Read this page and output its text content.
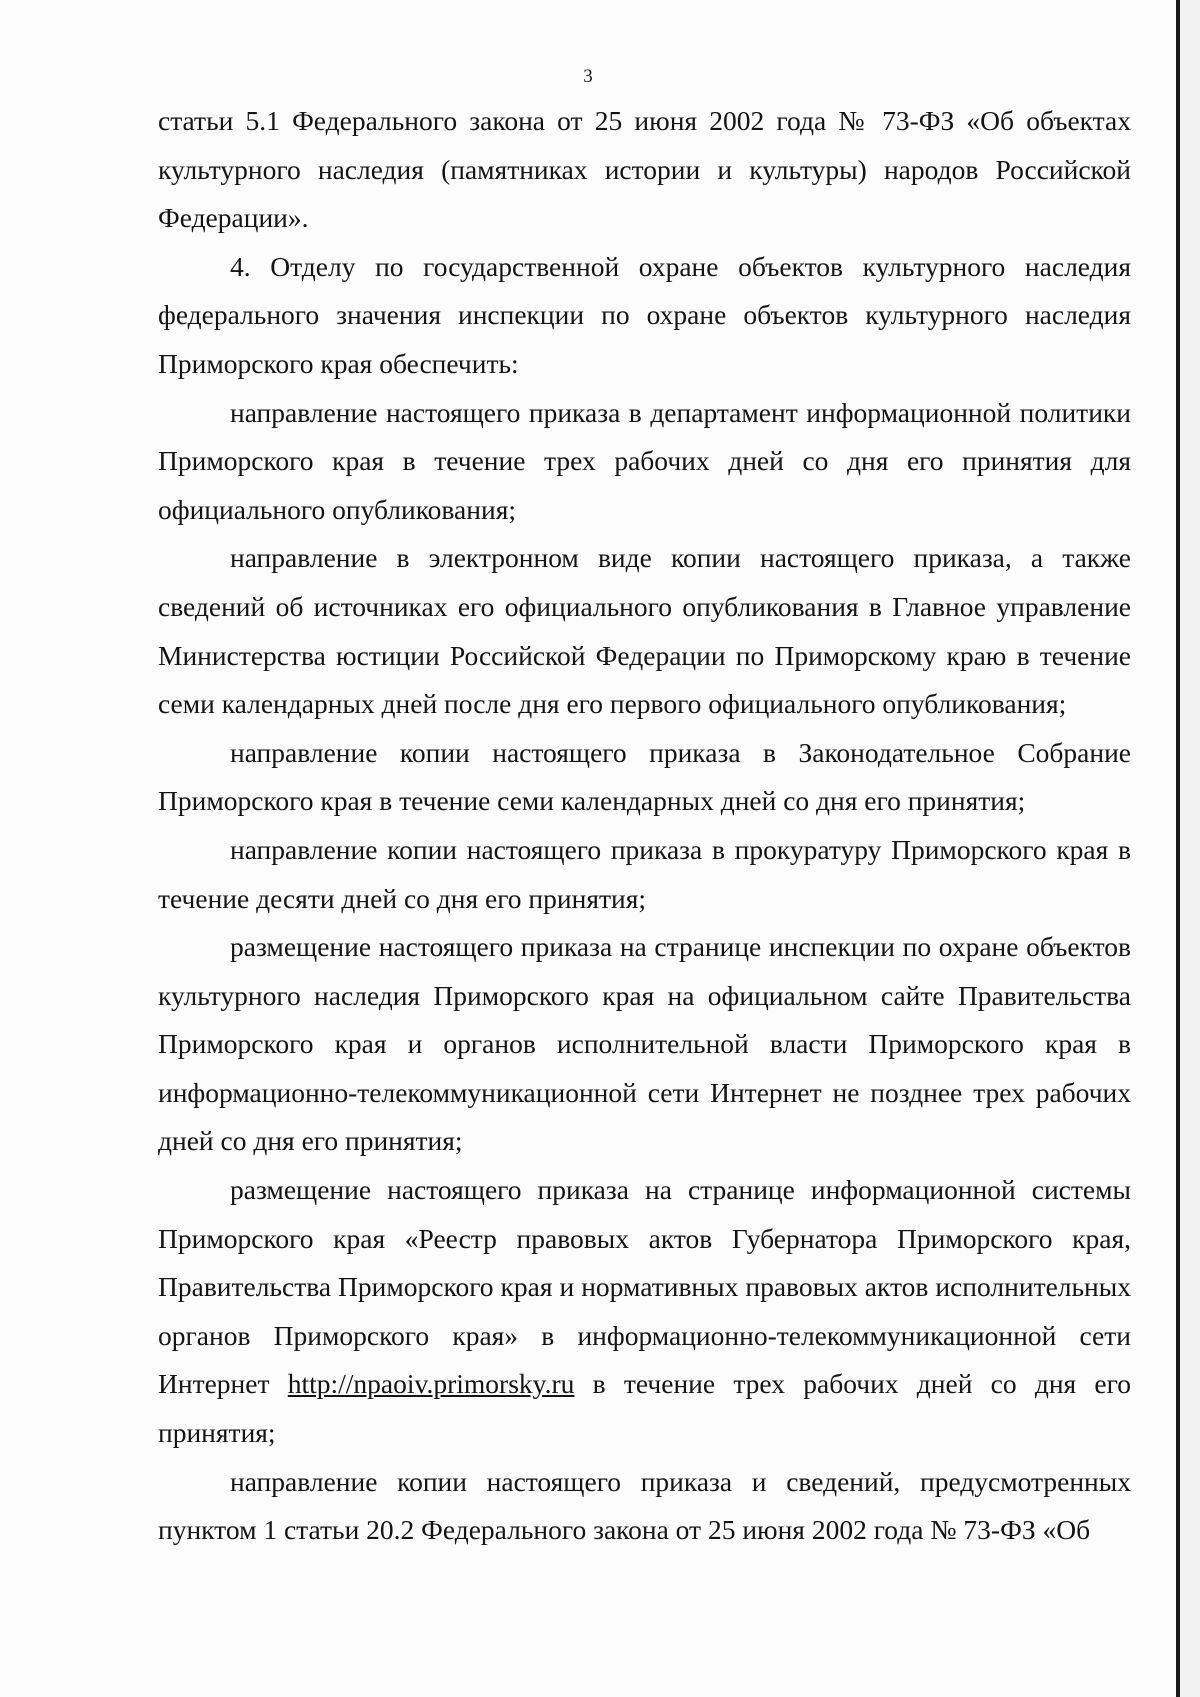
3

статьи 5.1 Федерального закона от 25 июня 2002 года № 73-ФЗ «Об объектах культурного наследия (памятниках истории и культуры) народов Российской Федерации».

4. Отделу по государственной охране объектов культурного наследия федерального значения инспекции по охране объектов культурного наследия Приморского края обеспечить:

направление настоящего приказа в департамент информационной политики Приморского края в течение трех рабочих дней со дня его принятия для официального опубликования;

направление в электронном виде копии настоящего приказа, а также сведений об источниках его официального опубликования в Главное управление Министерства юстиции Российской Федерации по Приморскому краю в течение семи календарных дней после дня его первого официального опубликования;

направление копии настоящего приказа в Законодательное Собрание Приморского края в течение семи календарных дней со дня его принятия;

направление копии настоящего приказа в прокуратуру Приморского края в течение десяти дней со дня его принятия;

размещение настоящего приказа на странице инспекции по охране объектов культурного наследия Приморского края на официальном сайте Правительства Приморского края и органов исполнительной власти Приморского края в информационно-телекоммуникационной сети Интернет не позднее трех рабочих дней со дня его принятия;

размещение настоящего приказа на странице информационной системы Приморского края «Реестр правовых актов Губернатора Приморского края, Правительства Приморского края и нормативных правовых актов исполнительных органов Приморского края» в информационно-телекоммуникационной сети Интернет http://npaoiv.primorsky.ru в течение трех рабочих дней со дня его принятия;

направление копии настоящего приказа и сведений, предусмотренных пунктом 1 статьи 20.2 Федерального закона от 25 июня 2002 года № 73-ФЗ «Об
